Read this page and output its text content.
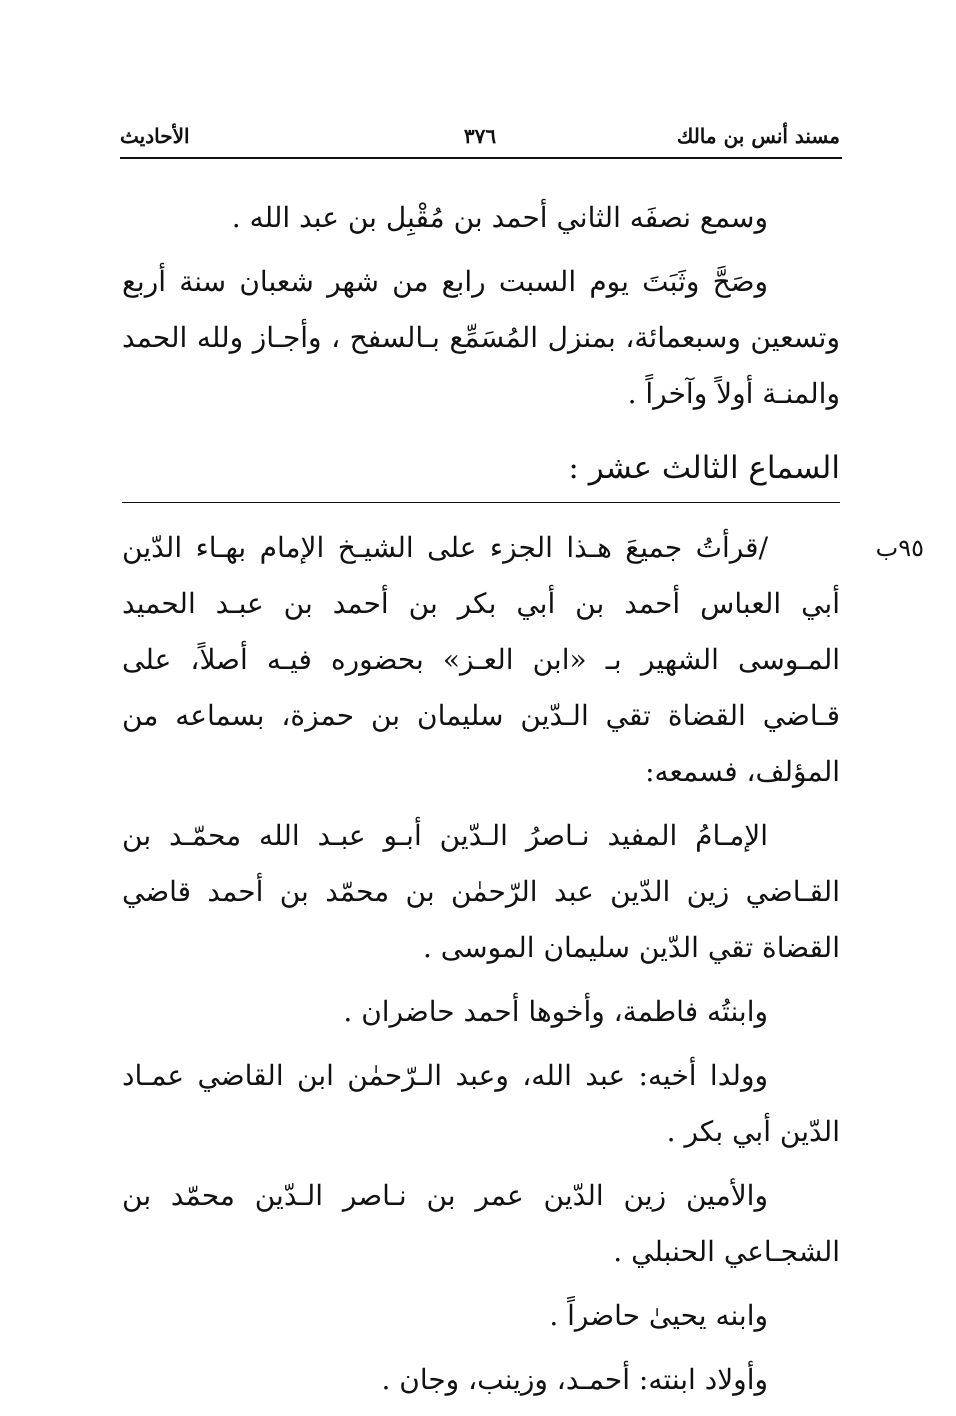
مسند أنس بن مالك
٣٧٦
الأحاديث

وسمع نصفَه الثاني أحمد بن مُقْبِل بن عبد الله .

وصَحَّ وثَبَتَ يوم السبت رابع من شهر شعبان سنة أربع وتسعين وسبعمائة، بمنزل المُسَمِّع بـالسفح ، وأجـاز ولله الحمد والمنـة أولاً وآخراً .

السماع الثالث عشر :
٩٥ب

/قرأتُ جميعَ هـذا الجزء على الشيـخ الإمام بهـاء الدّين أبي العباس أحمد بن أبي بكر بن أحمد بن عبـد الحميد المـوسى الشهير بـ «ابن العـز» بحضوره فيـه أصلاً، على قـاضي القضاة تقي الـدّين سليمان بن حمزة، بسماعه من المؤلف، فسمعه:

الإمـامُ المفيد نـاصرُ الـدّين أبـو عبـد الله محمّـد بن القـاضي زين الدّين عبد الرّحمٰن بن محمّد بن أحمد قاضي القضاة تقي الدّين سليمان الموسى .

وابنتُه فاطمة، وأخوها أحمد حاضران .

وولدا أخيه: عبد الله، وعبد الـرّحمٰن ابن القاضي عمـاد الدّين أبي بكر .

والأمين زين الدّين عمر بن نـاصر الـدّين محمّد بن الشجـاعي الحنبلي .

وابنه يحيىٰ حاضراً .

وأولاد ابنته: أحمـد، وزينب، وجان .
